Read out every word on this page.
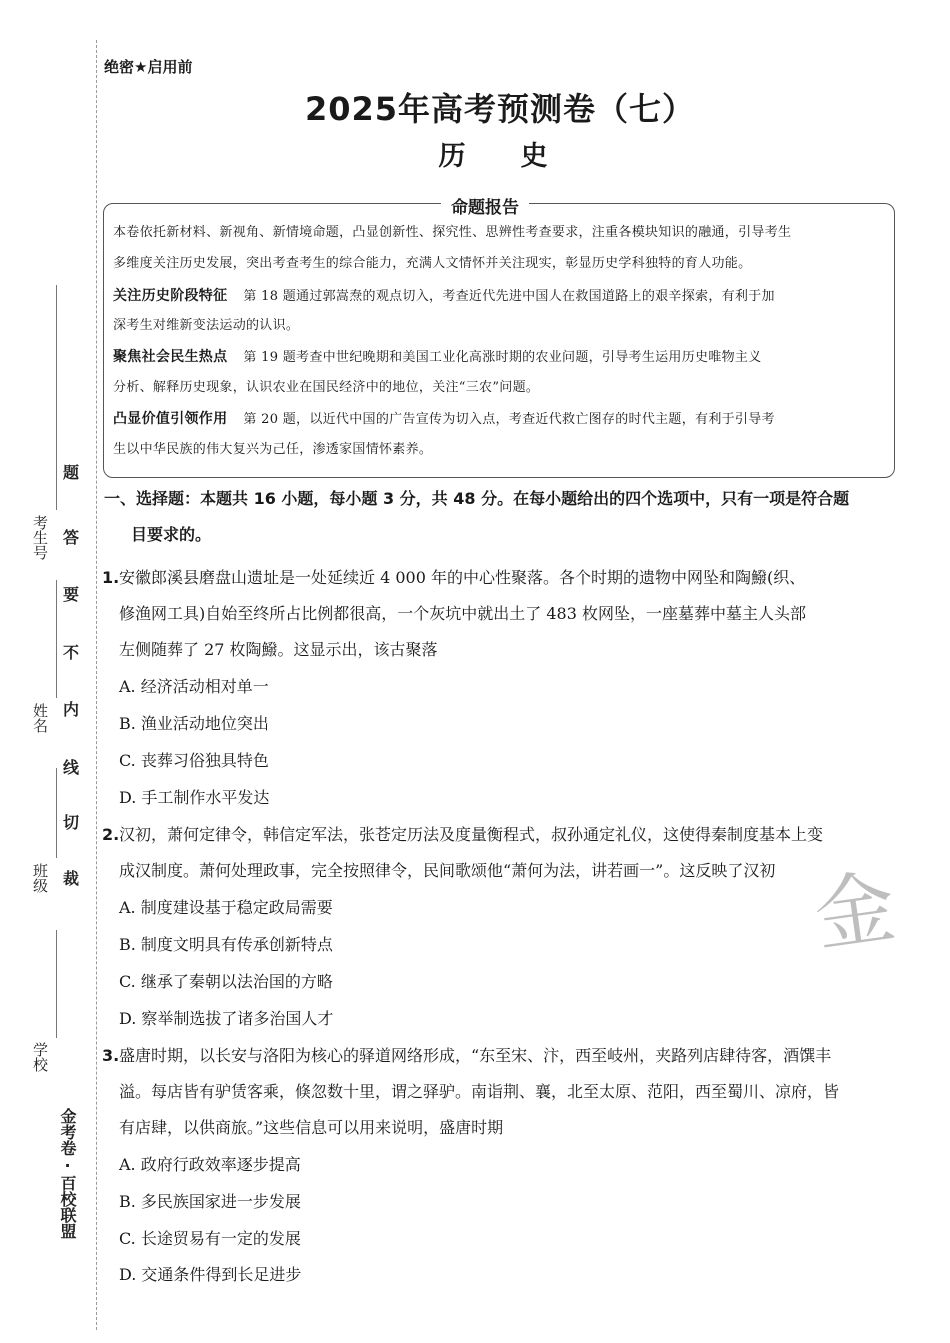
考生号
姓名
班级
学校
金考卷·百校联盟
题
答
要
不
内
线
切
裁
绝密★启用前
2025年高考预测卷（七）
历　史
命题报告
本卷依托新材料、新视角、新情境命题，凸显创新性、探究性、思辨性考查要求，注重各模块知识的融通，引导考生
多维度关注历史发展，突出考查考生的综合能力，充满人文情怀并关注现实，彰显历史学科独特的育人功能。
关注历史阶段特征 第 18 题通过郭嵩焘的观点切入，考查近代先进中国人在救国道路上的艰辛探索，有利于加
深考生对维新变法运动的认识。
聚焦社会民生热点 第 19 题考查中世纪晚期和美国工业化高涨时期的农业问题，引导考生运用历史唯物主义
分析、解释历史现象，认识农业在国民经济中的地位，关注“三农”问题。
凸显价值引领作用 第 20 题，以近代中国的广告宣传为切入点，考查近代救亡图存的时代主题，有利于引导考
生以中华民族的伟大复兴为己任，渗透家国情怀素养。
一、选择题：本题共 16 小题，每小题 3 分，共 48 分。在每小题给出的四个选项中，只有一项是符合题
目要求的。
1. 安徽郎溪县磨盘山遗址是一处延续近 4 000 年的中心性聚落。各个时期的遗物中网坠和陶鱍(织、
修渔网工具)自始至终所占比例都很高，一个灰坑中就出土了 483 枚网坠，一座墓葬中墓主人头部
左侧随葬了 27 枚陶鱍。这显示出，该古聚落
A. 经济活动相对单一
B. 渔业活动地位突出
C. 丧葬习俗独具特色
D. 手工制作水平发达
2. 汉初，萧何定律令，韩信定军法，张苍定历法及度量衡程式，叔孙通定礼仪，这使得秦制度基本上变
成汉制度。萧何处理政事，完全按照律令，民间歌颂他“萧何为法，讲若画一”。这反映了汉初
A. 制度建设基于稳定政局需要
B. 制度文明具有传承创新特点
C. 继承了秦朝以法治国的方略
D. 察举制选拔了诸多治国人才
3. 盛唐时期，以长安与洛阳为核心的驿道网络形成，“东至宋、汴，西至岐州，夹路列店肆待客，酒馔丰
溢。每店皆有驴赁客乘，倏忽数十里，谓之驿驴。南诣荆、襄，北至太原、范阳，西至蜀川、凉府，皆
有店肆，以供商旅。”这些信息可以用来说明，盛唐时期
A. 政府行政效率逐步提高
B. 多民族国家进一步发展
C. 长途贸易有一定的发展
D. 交通条件得到长足进步
金
